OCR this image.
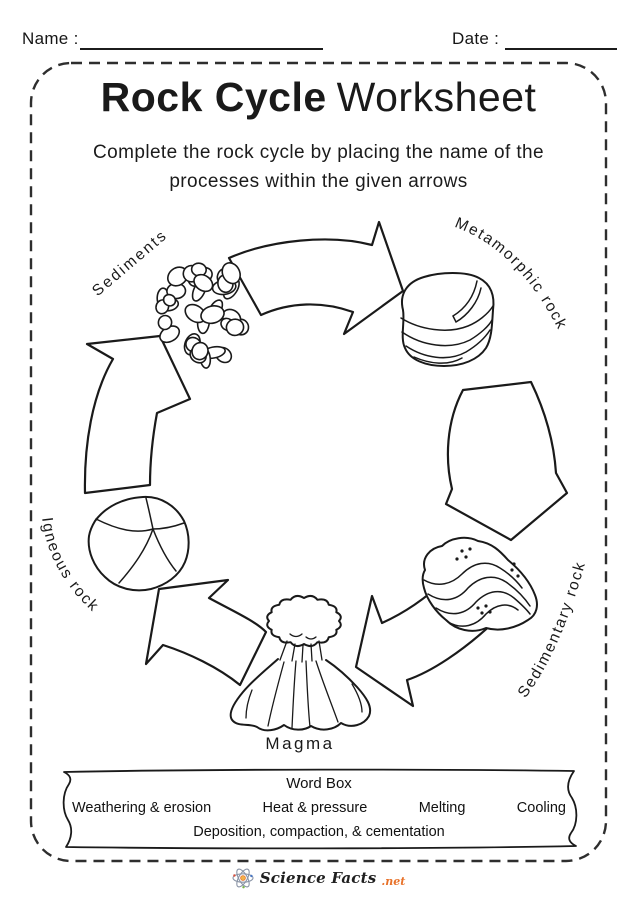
Name :	Date :
Rock Cycle Worksheet
Complete the rock cycle by placing the name of the
processes within the given arrows
Sediments
Metamorphic rock
Sedimentary rock
Igneous rock
Magma
Word Box
Weathering & erosion	Heat & pressure	Melting	Cooling
Deposition, compaction, & cementation
Science Facts .net
